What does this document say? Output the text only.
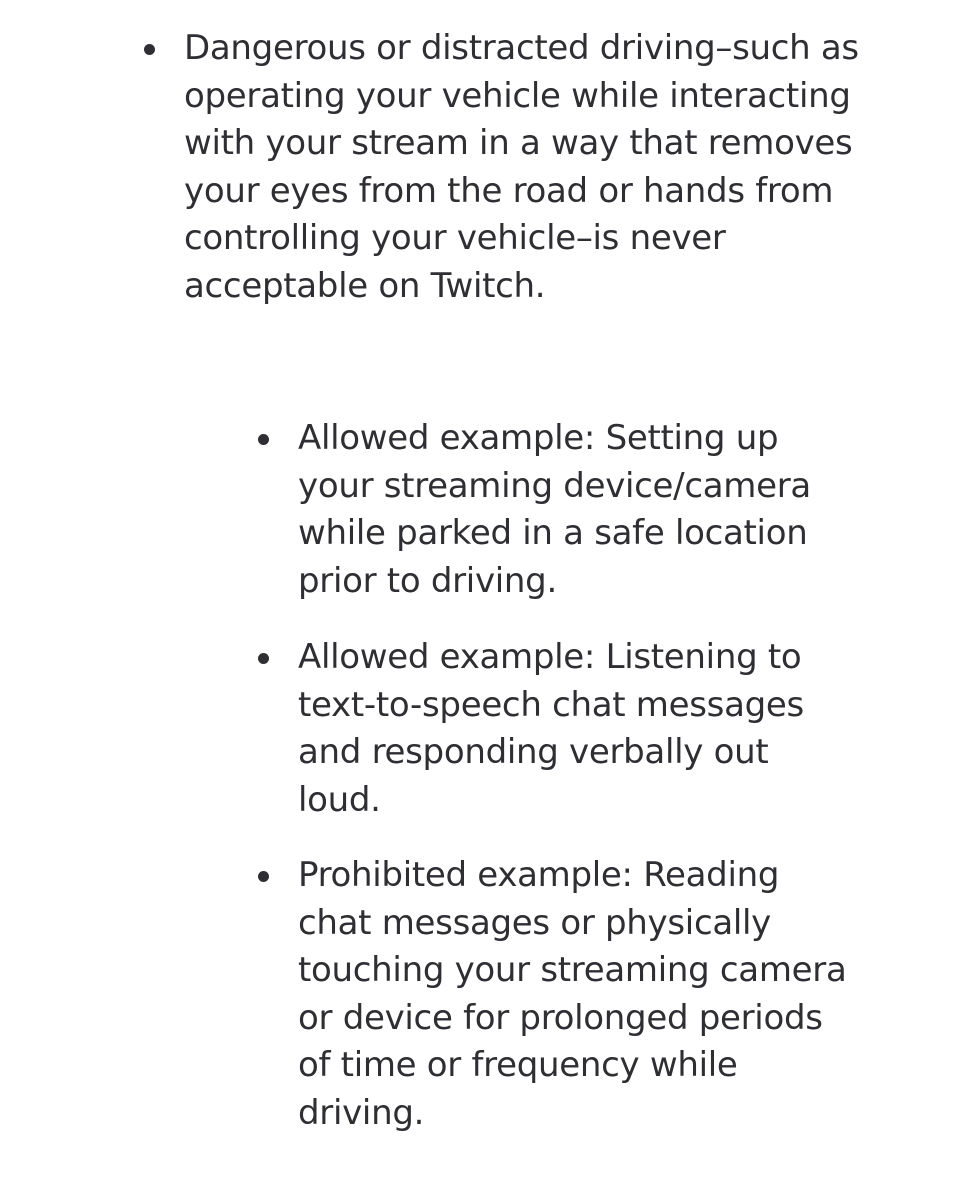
Dangerous or distracted driving–such as operating your vehicle while interacting with your stream in a way that removes your eyes from the road or hands from controlling your vehicle–is never acceptable on Twitch.
Allowed example: Setting up your streaming device/camera while parked in a safe location prior to driving.
Allowed example: Listening to text-to-speech chat messages and responding verbally out loud.
Prohibited example: Reading chat messages or physically touching your streaming camera or device for prolonged periods of time or frequency while driving.
